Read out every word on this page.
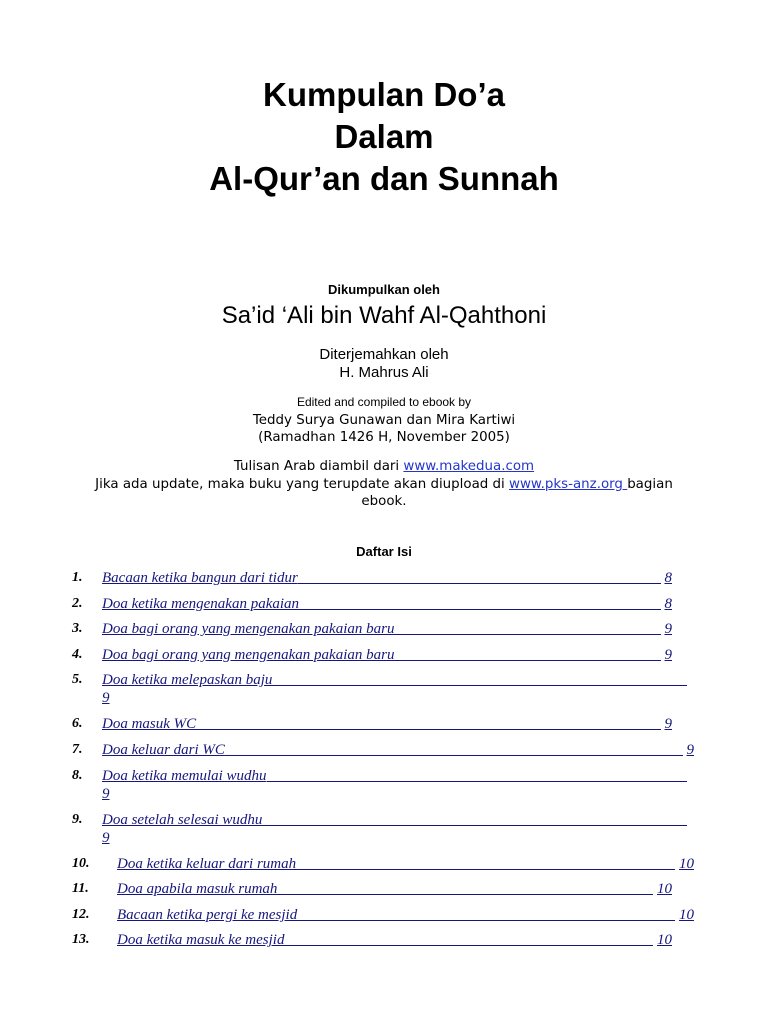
Kumpulan Do’a
Dalam
Al-Qur’an dan Sunnah
Dikumpulkan oleh
Sa’id ‘Ali bin Wahf Al-Qahthoni
Diterjemahkan oleh
H. Mahrus Ali
Edited and compiled to ebook by
Teddy Surya Gunawan dan Mira Kartiwi
(Ramadhan 1426 H, November 2005)
Tulisan Arab diambil dari www.makedua.com
Jika ada update, maka buku yang terupdate akan diupload di www.pks-anz.org bagian
ebook.
Daftar Isi
1. Bacaan ketika bangun dari tidur	8
2. Doa ketika mengenakan pakaian	8
3. Doa bagi orang yang mengenakan pakaian baru	9
4. Doa bagi orang yang mengenakan pakaian baru	9
5. Doa ketika melepaskan baju
9
6. Doa masuk WC	9
7. Doa keluar dari WC	9
8. Doa ketika memulai wudhu
9
9. Doa setelah selesai wudhu
9
10. Doa ketika keluar dari rumah	10
11. Doa apabila masuk rumah	10
12. Bacaan ketika pergi ke mesjid	10
13. Doa ketika masuk ke mesjid	10
